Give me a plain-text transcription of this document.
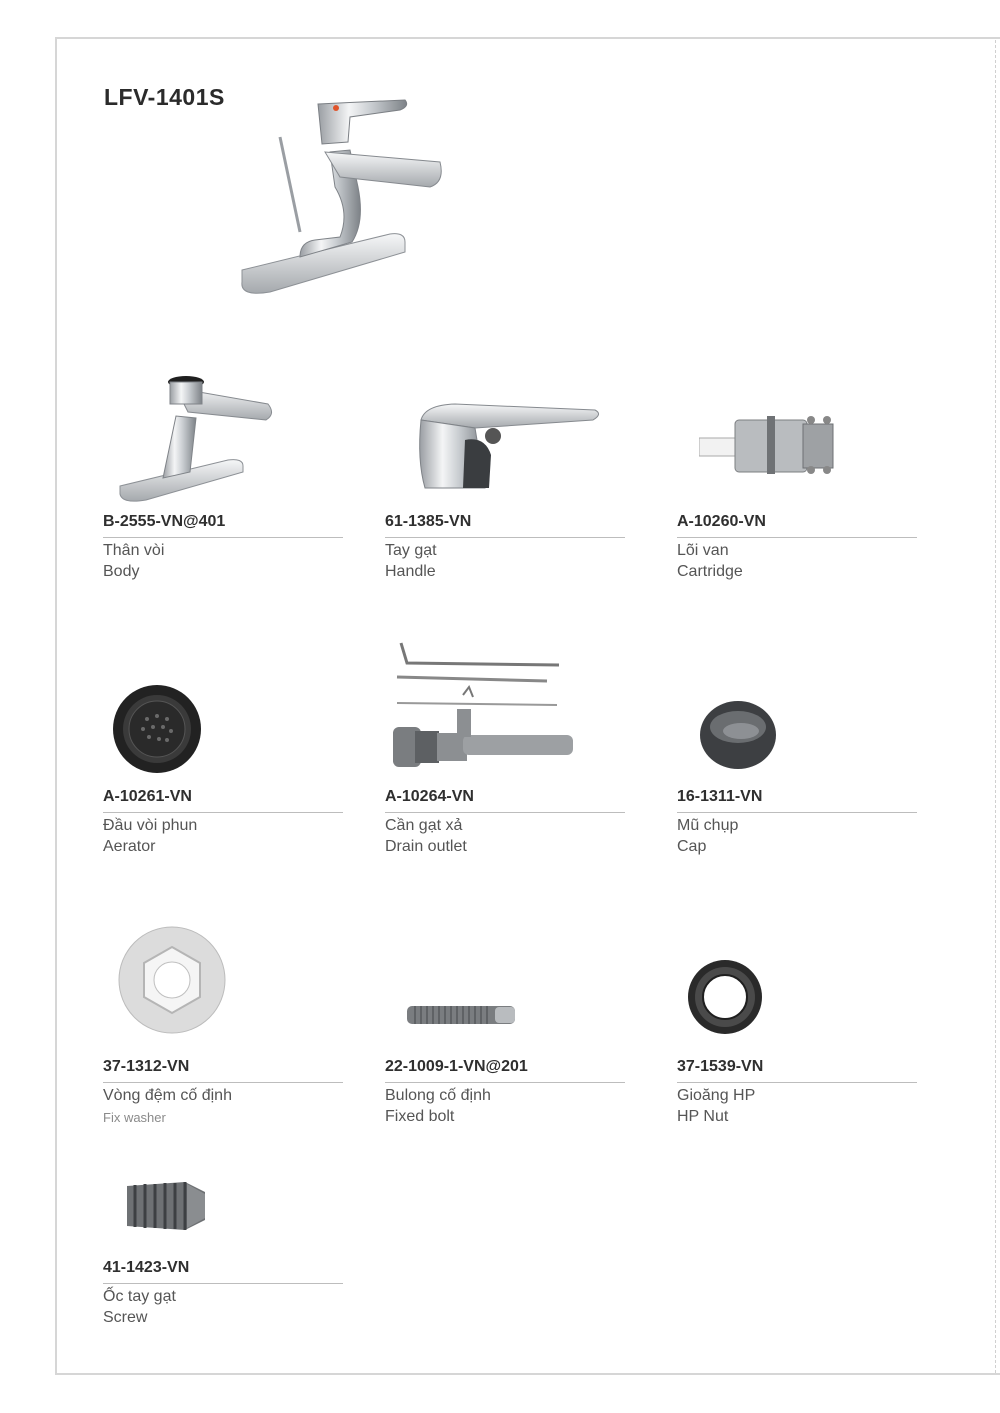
LFV-1401S
B-2555-VN@401
Thân vòi
Body
61-1385-VN
Tay gạt
Handle
A-10260-VN
Lõi van
Cartridge
A-10261-VN
Đầu vòi phun
Aerator
A-10264-VN
Cần gạt xả
Drain outlet
16-1311-VN
Mũ chụp
Cap
37-1312-VN
Vòng đệm cố định
Fix washer
22-1009-1-VN@201
Bulong cố định
Fixed bolt
37-1539-VN
Gioăng HP
HP Nut
41-1423-VN
Ốc tay gạt
Screw
